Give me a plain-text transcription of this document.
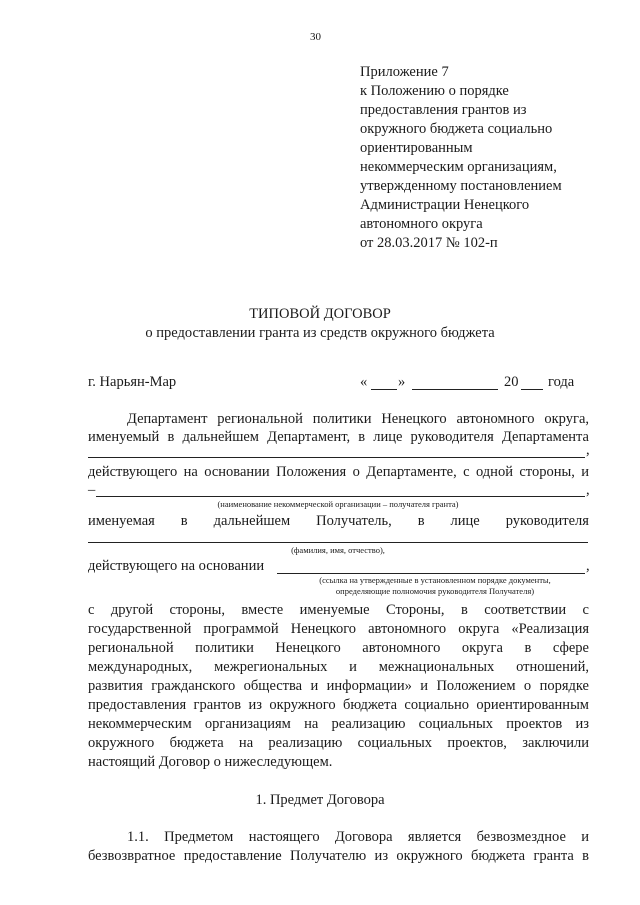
30
Приложение 7
к Положению о порядке
предоставления грантов из
окружного бюджета социально
ориентированным
некоммерческим организациям,
утвержденному постановлением
Администрации Ненецкого
автономного округа
от 28.03.2017 № 102-п
ТИПОВОЙ ДОГОВОР
о предоставлении гранта из средств окружного бюджета
г. Нарьян-Мар	« »	20 года
Департамент региональной политики Ненецкого автономного округа,
именуемый в дальнейшем Департамент, в лице руководителя Департамента
,
действующего на основании Положения о Департаменте, с одной стороны, и
–	,
(наименование некоммерческой организации – получателя гранта)
именуемая в дальнейшем Получатель, в лице руководителя
(фамилия, имя, отчество),
действующего на основании	,
(ссылка на утвержденные в установленном порядке документы,
определяющие полномочия руководителя Получателя)
с другой стороны, вместе именуемые Стороны, в соответствии с
государственной программой Ненецкого автономного округа «Реализация
региональной политики Ненецкого автономного округа в сфере
международных, межрегиональных и межнациональных отношений,
развития гражданского общества и информации» и Положением о порядке
предоставления грантов из окружного бюджета социально ориентированным
некоммерческим организациям на реализацию социальных проектов из
окружного бюджета на реализацию социальных проектов, заключили
настоящий Договор о нижеследующем.
1. Предмет Договора
1.1. Предметом настоящего Договора является безвозмездное и
безвозвратное предоставление Получателю из окружного бюджета гранта в
